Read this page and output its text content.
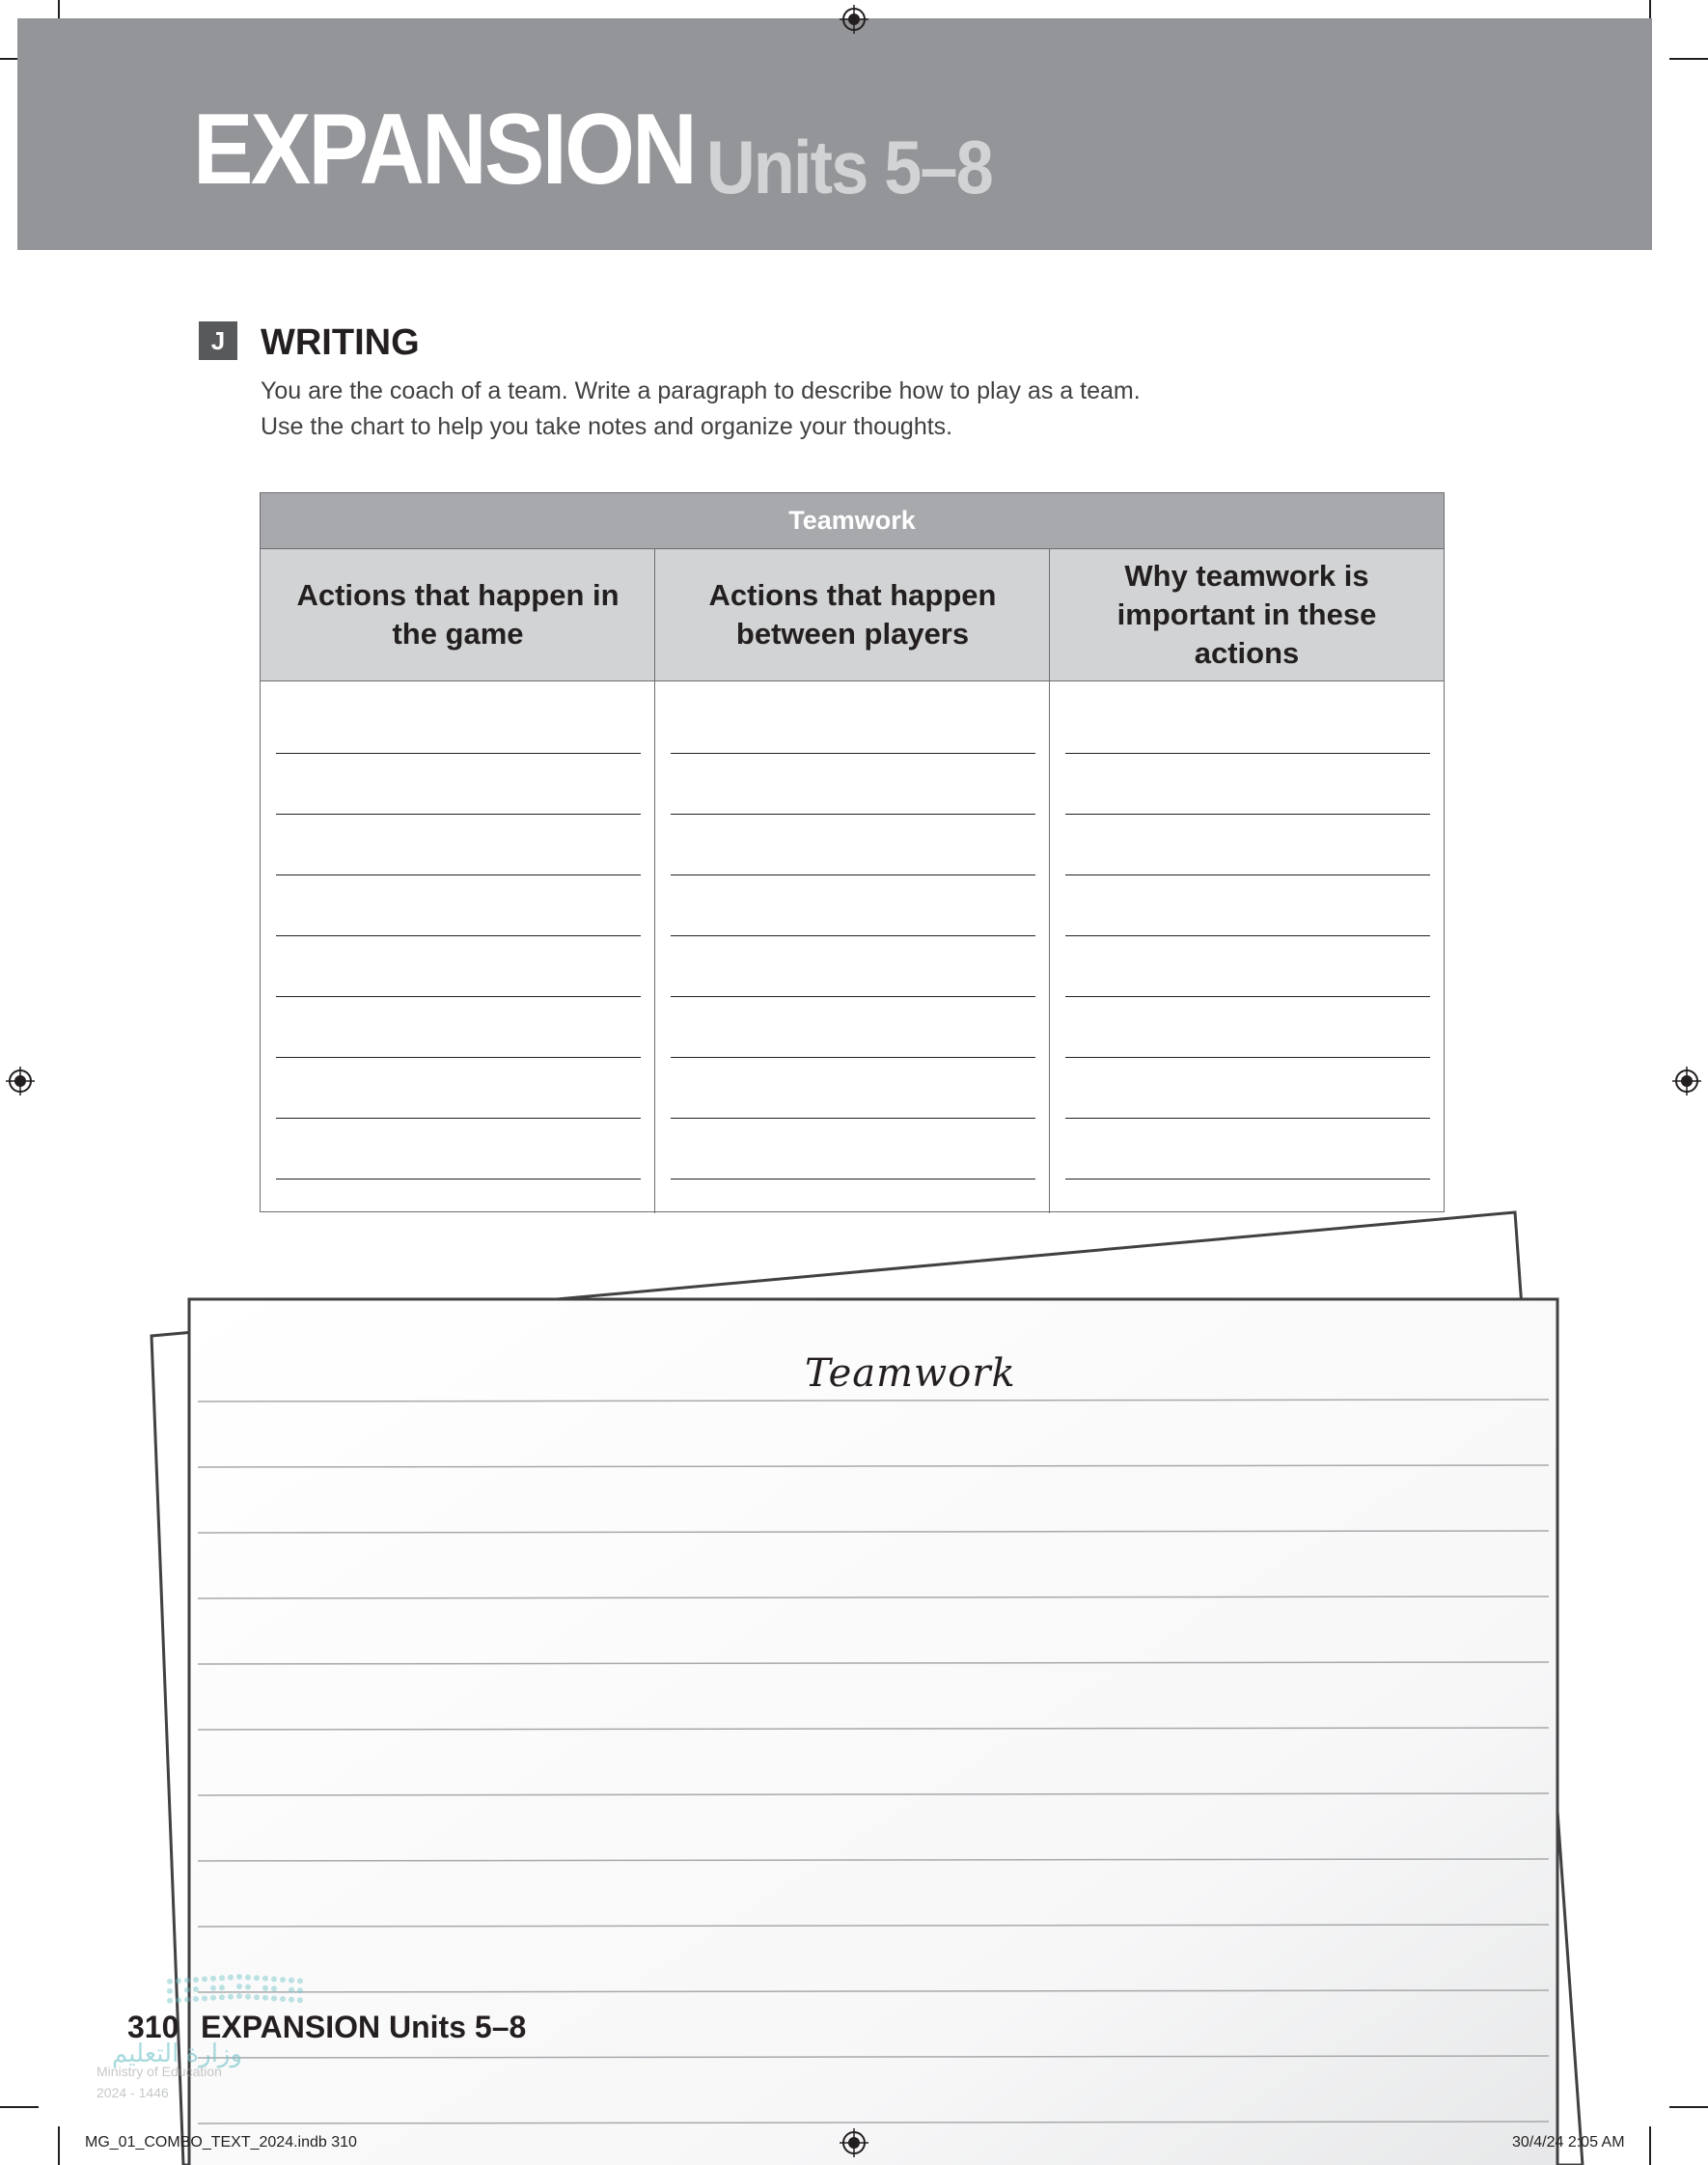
EXPANSION Units 5–8
J WRITING
You are the coach of a team. Write a paragraph to describe how to play as a team.
Use the chart to help you take notes and organize your thoughts.
Teamwork
Actions that happen in the game
Actions that happen between players
Why teamwork is important in these actions
Teamwork
وزارة التعليم
Ministry of Education
2024 - 1446
310 EXPANSION Units 5–8
MG_01_COMBO_TEXT_2024.indb 310	30/4/24 2:05 AM
